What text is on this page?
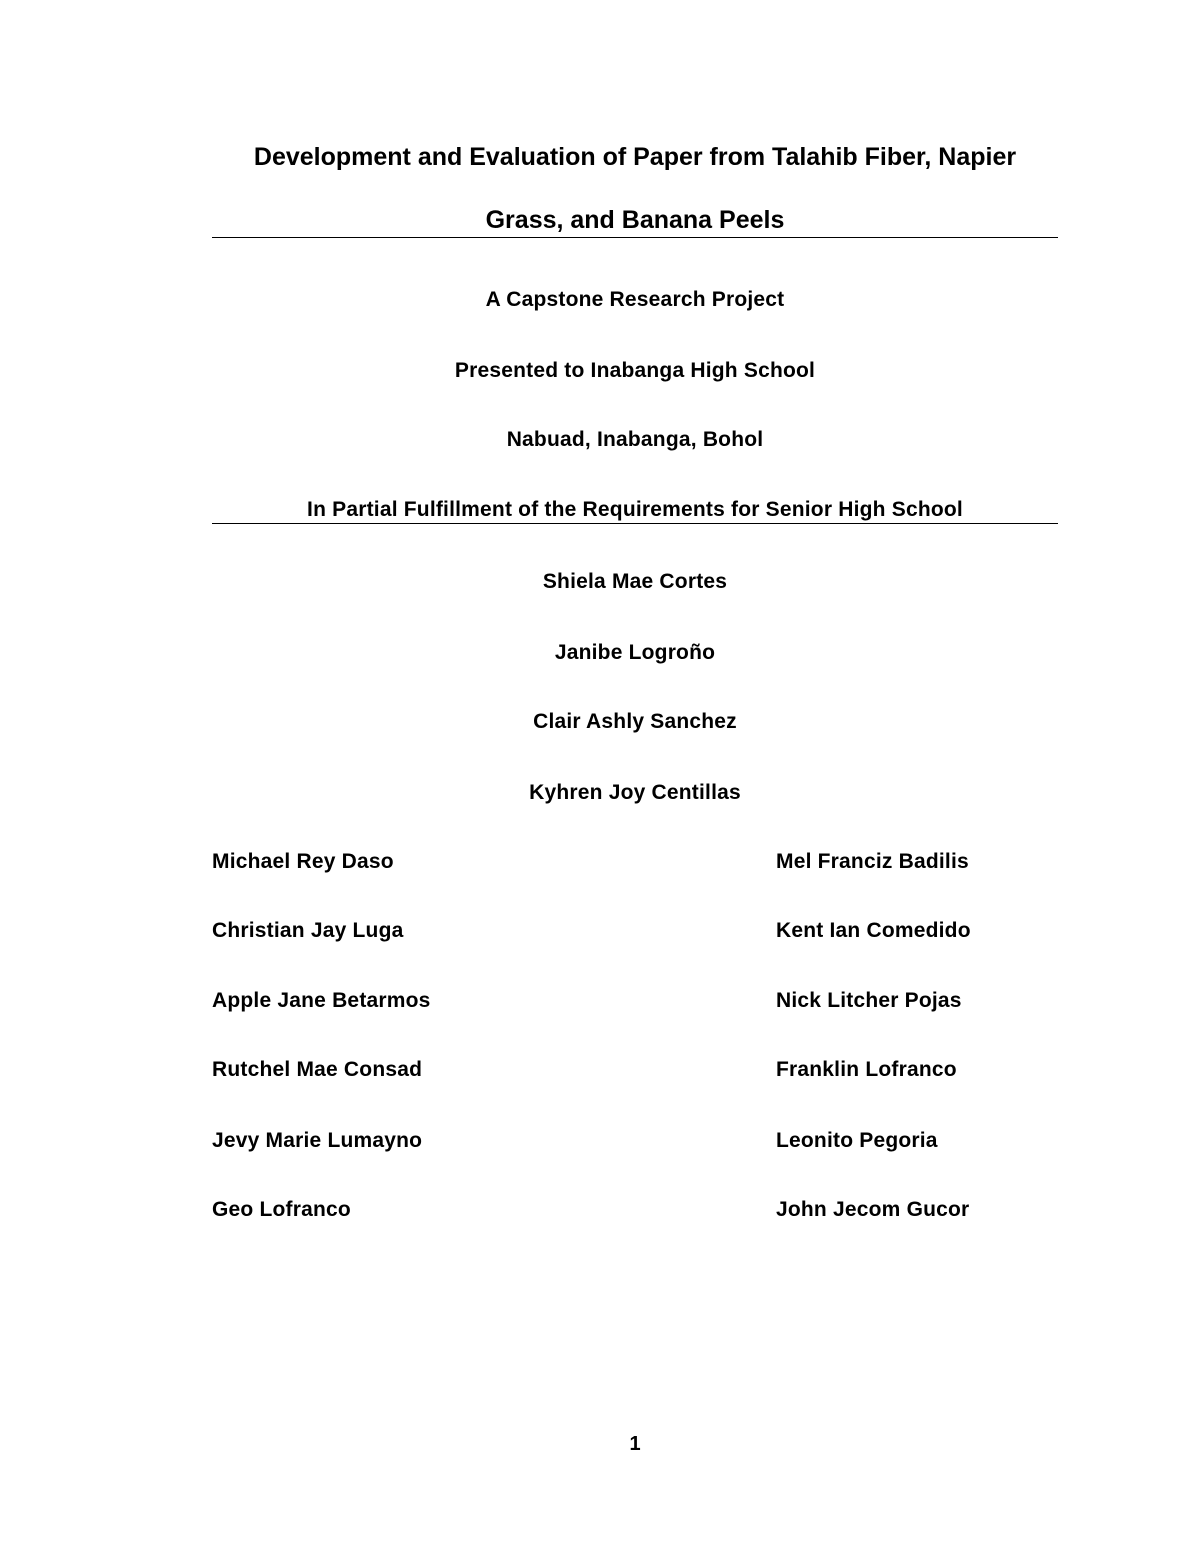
Development and Evaluation of Paper from Talahib Fiber, Napier
Grass, and Banana Peels
A Capstone Research Project
Presented to Inabanga High School
Nabuad, Inabanga, Bohol
In Partial Fulfillment of the Requirements for Senior High School
Shiela Mae Cortes
Janibe Logroño
Clair Ashly Sanchez
Kyhren Joy Centillas
Michael Rey Daso
Christian Jay Luga
Apple Jane Betarmos
Rutchel Mae Consad
Jevy Marie Lumayno
Geo Lofranco
Mel Franciz Badilis
Kent Ian Comedido
Nick Litcher Pojas
Franklin Lofranco
Leonito Pegoria
John Jecom Gucor
1
